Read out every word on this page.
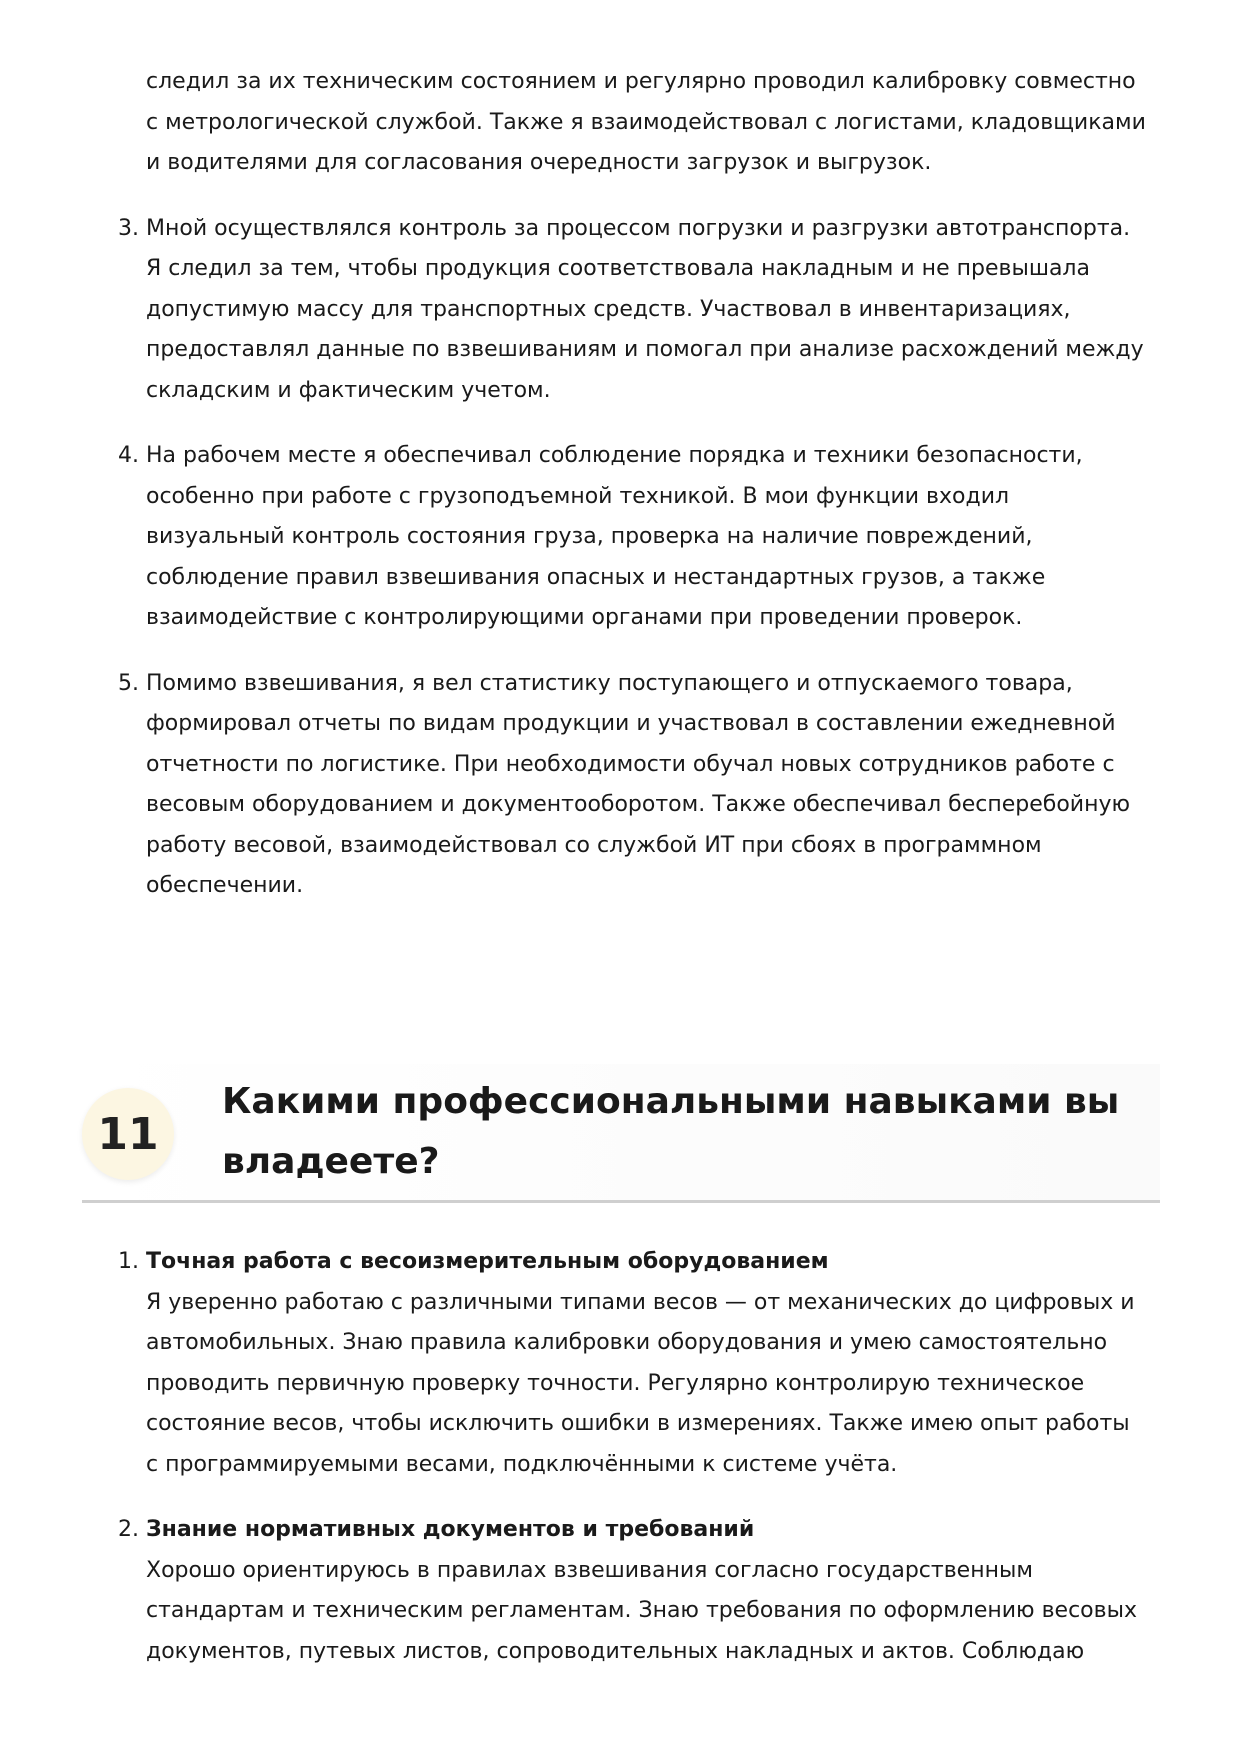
следил за их техническим состоянием и регулярно проводил калибровку совместно с метрологической службой. Также я взаимодействовал с логистами, кладовщиками и водителями для согласования очередности загрузок и выгрузок.
3. Мной осуществлялся контроль за процессом погрузки и разгрузки автотранспорта. Я следил за тем, чтобы продукция соответствовала накладным и не превышала допустимую массу для транспортных средств. Участвовал в инвентаризациях, предоставлял данные по взвешиваниям и помогал при анализе расхождений между складским и фактическим учетом.
4. На рабочем месте я обеспечивал соблюдение порядка и техники безопасности, особенно при работе с грузоподъемной техникой. В мои функции входил визуальный контроль состояния груза, проверка на наличие повреждений, соблюдение правил взвешивания опасных и нестандартных грузов, а также взаимодействие с контролирующими органами при проведении проверок.
5. Помимо взвешивания, я вел статистику поступающего и отпускаемого товара, формировал отчеты по видам продукции и участвовал в составлении ежедневной отчетности по логистике. При необходимости обучал новых сотрудников работе с весовым оборудованием и документооборотом. Также обеспечивал бесперебойную работу весовой, взаимодействовал со службой ИТ при сбоях в программном обеспечении.
11
Какими профессиональными навыками вы владеете?
1. Точная работа с весоизмерительным оборудованием
Я уверенно работаю с различными типами весов — от механических до цифровых и автомобильных. Знаю правила калибровки оборудования и умею самостоятельно проводить первичную проверку точности. Регулярно контролирую техническое состояние весов, чтобы исключить ошибки в измерениях. Также имею опыт работы с программируемыми весами, подключёнными к системе учёта.
2. Знание нормативных документов и требований
Хорошо ориентируюсь в правилах взвешивания согласно государственным стандартам и техническим регламентам. Знаю требования по оформлению весовых документов, путевых листов, сопроводительных накладных и актов. Соблюдаю
